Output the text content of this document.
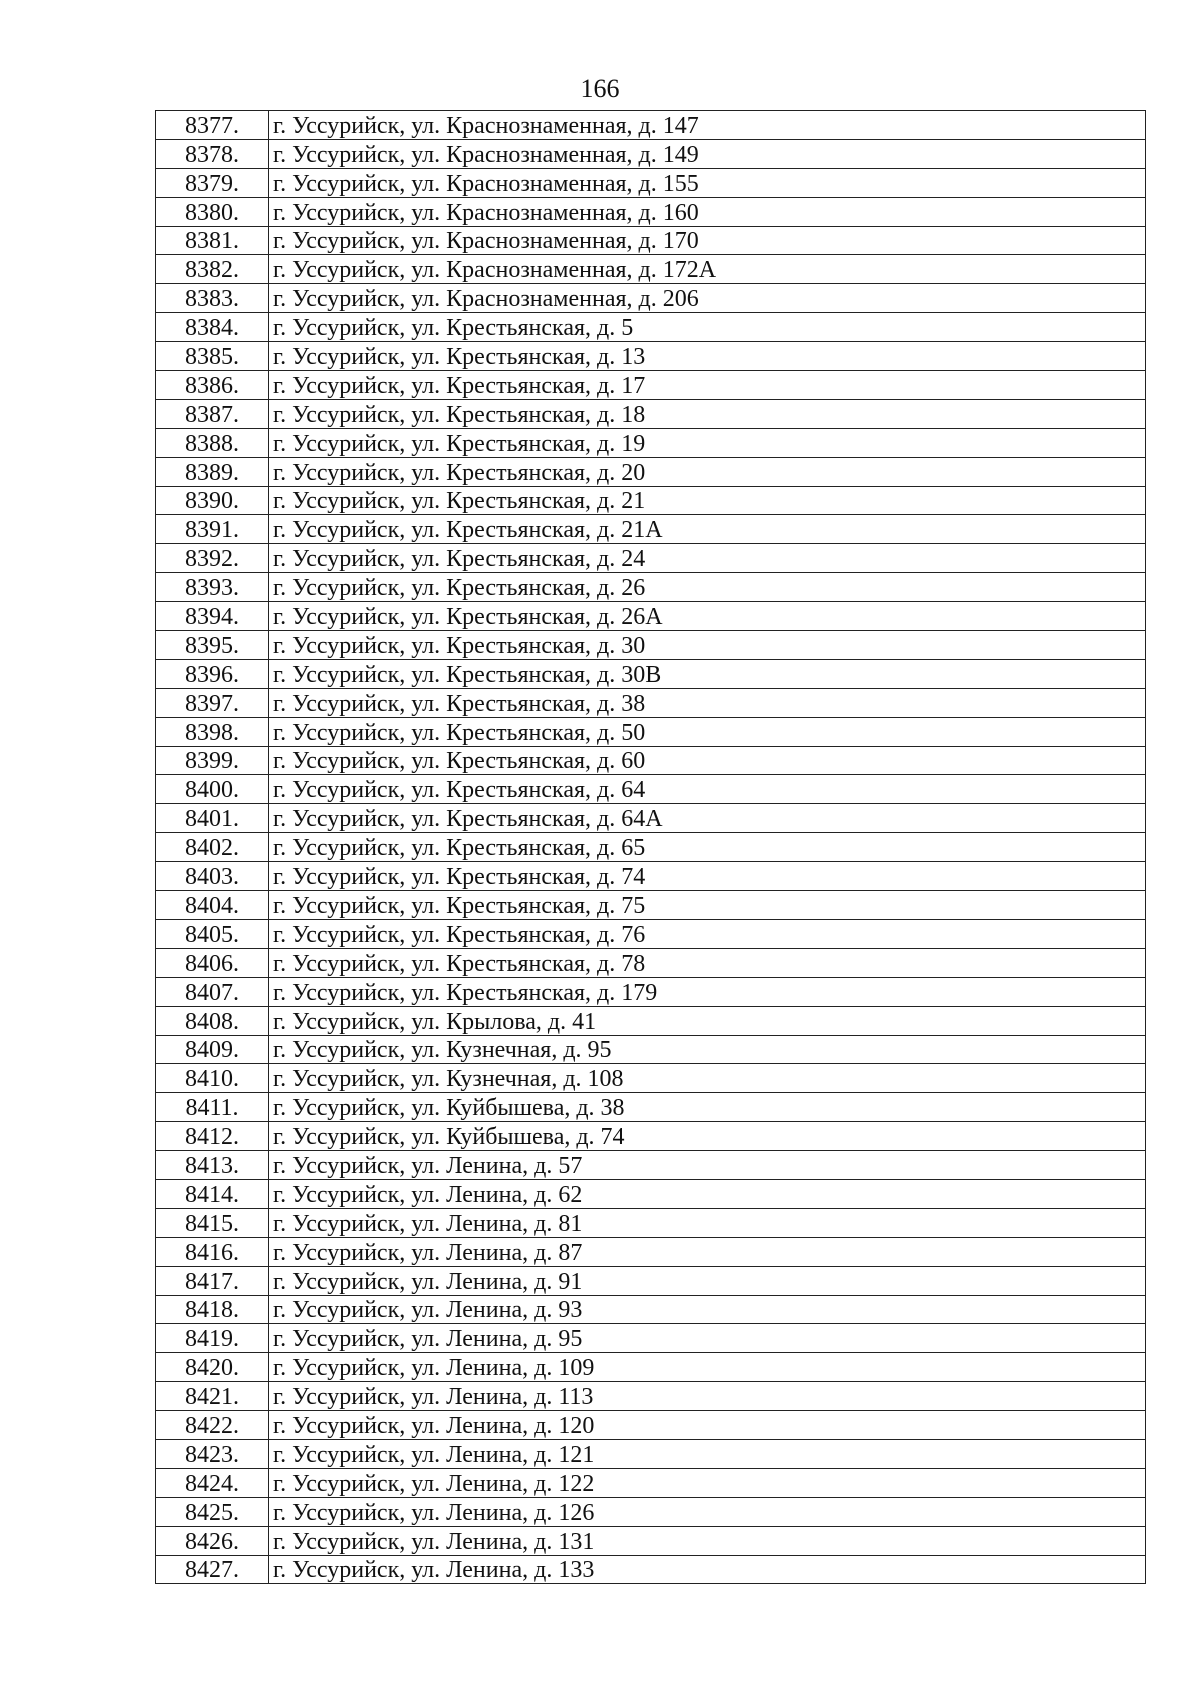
166
8377.	г. Уссурийск, ул. Краснознаменная, д. 147
8378.	г. Уссурийск, ул. Краснознаменная, д. 149
8379.	г. Уссурийск, ул. Краснознаменная, д. 155
8380.	г. Уссурийск, ул. Краснознаменная, д. 160
8381.	г. Уссурийск, ул. Краснознаменная, д. 170
8382.	г. Уссурийск, ул. Краснознаменная, д. 172А
8383.	г. Уссурийск, ул. Краснознаменная, д. 206
8384.	г. Уссурийск, ул. Крестьянская, д. 5
8385.	г. Уссурийск, ул. Крестьянская, д. 13
8386.	г. Уссурийск, ул. Крестьянская, д. 17
8387.	г. Уссурийск, ул. Крестьянская, д. 18
8388.	г. Уссурийск, ул. Крестьянская, д. 19
8389.	г. Уссурийск, ул. Крестьянская, д. 20
8390.	г. Уссурийск, ул. Крестьянская, д. 21
8391.	г. Уссурийск, ул. Крестьянская, д. 21А
8392.	г. Уссурийск, ул. Крестьянская, д. 24
8393.	г. Уссурийск, ул. Крестьянская, д. 26
8394.	г. Уссурийск, ул. Крестьянская, д. 26А
8395.	г. Уссурийск, ул. Крестьянская, д. 30
8396.	г. Уссурийск, ул. Крестьянская, д. 30В
8397.	г. Уссурийск, ул. Крестьянская, д. 38
8398.	г. Уссурийск, ул. Крестьянская, д. 50
8399.	г. Уссурийск, ул. Крестьянская, д. 60
8400.	г. Уссурийск, ул. Крестьянская, д. 64
8401.	г. Уссурийск, ул. Крестьянская, д. 64А
8402.	г. Уссурийск, ул. Крестьянская, д. 65
8403.	г. Уссурийск, ул. Крестьянская, д. 74
8404.	г. Уссурийск, ул. Крестьянская, д. 75
8405.	г. Уссурийск, ул. Крестьянская, д. 76
8406.	г. Уссурийск, ул. Крестьянская, д. 78
8407.	г. Уссурийск, ул. Крестьянская, д. 179
8408.	г. Уссурийск, ул. Крылова, д. 41
8409.	г. Уссурийск, ул. Кузнечная, д. 95
8410.	г. Уссурийск, ул. Кузнечная, д. 108
8411.	г. Уссурийск, ул. Куйбышева, д. 38
8412.	г. Уссурийск, ул. Куйбышева, д. 74
8413.	г. Уссурийск, ул. Ленина, д. 57
8414.	г. Уссурийск, ул. Ленина, д. 62
8415.	г. Уссурийск, ул. Ленина, д. 81
8416.	г. Уссурийск, ул. Ленина, д. 87
8417.	г. Уссурийск, ул. Ленина, д. 91
8418.	г. Уссурийск, ул. Ленина, д. 93
8419.	г. Уссурийск, ул. Ленина, д. 95
8420.	г. Уссурийск, ул. Ленина, д. 109
8421.	г. Уссурийск, ул. Ленина, д. 113
8422.	г. Уссурийск, ул. Ленина, д. 120
8423.	г. Уссурийск, ул. Ленина, д. 121
8424.	г. Уссурийск, ул. Ленина, д. 122
8425.	г. Уссурийск, ул. Ленина, д. 126
8426.	г. Уссурийск, ул. Ленина, д. 131
8427.	г. Уссурийск, ул. Ленина, д. 133
